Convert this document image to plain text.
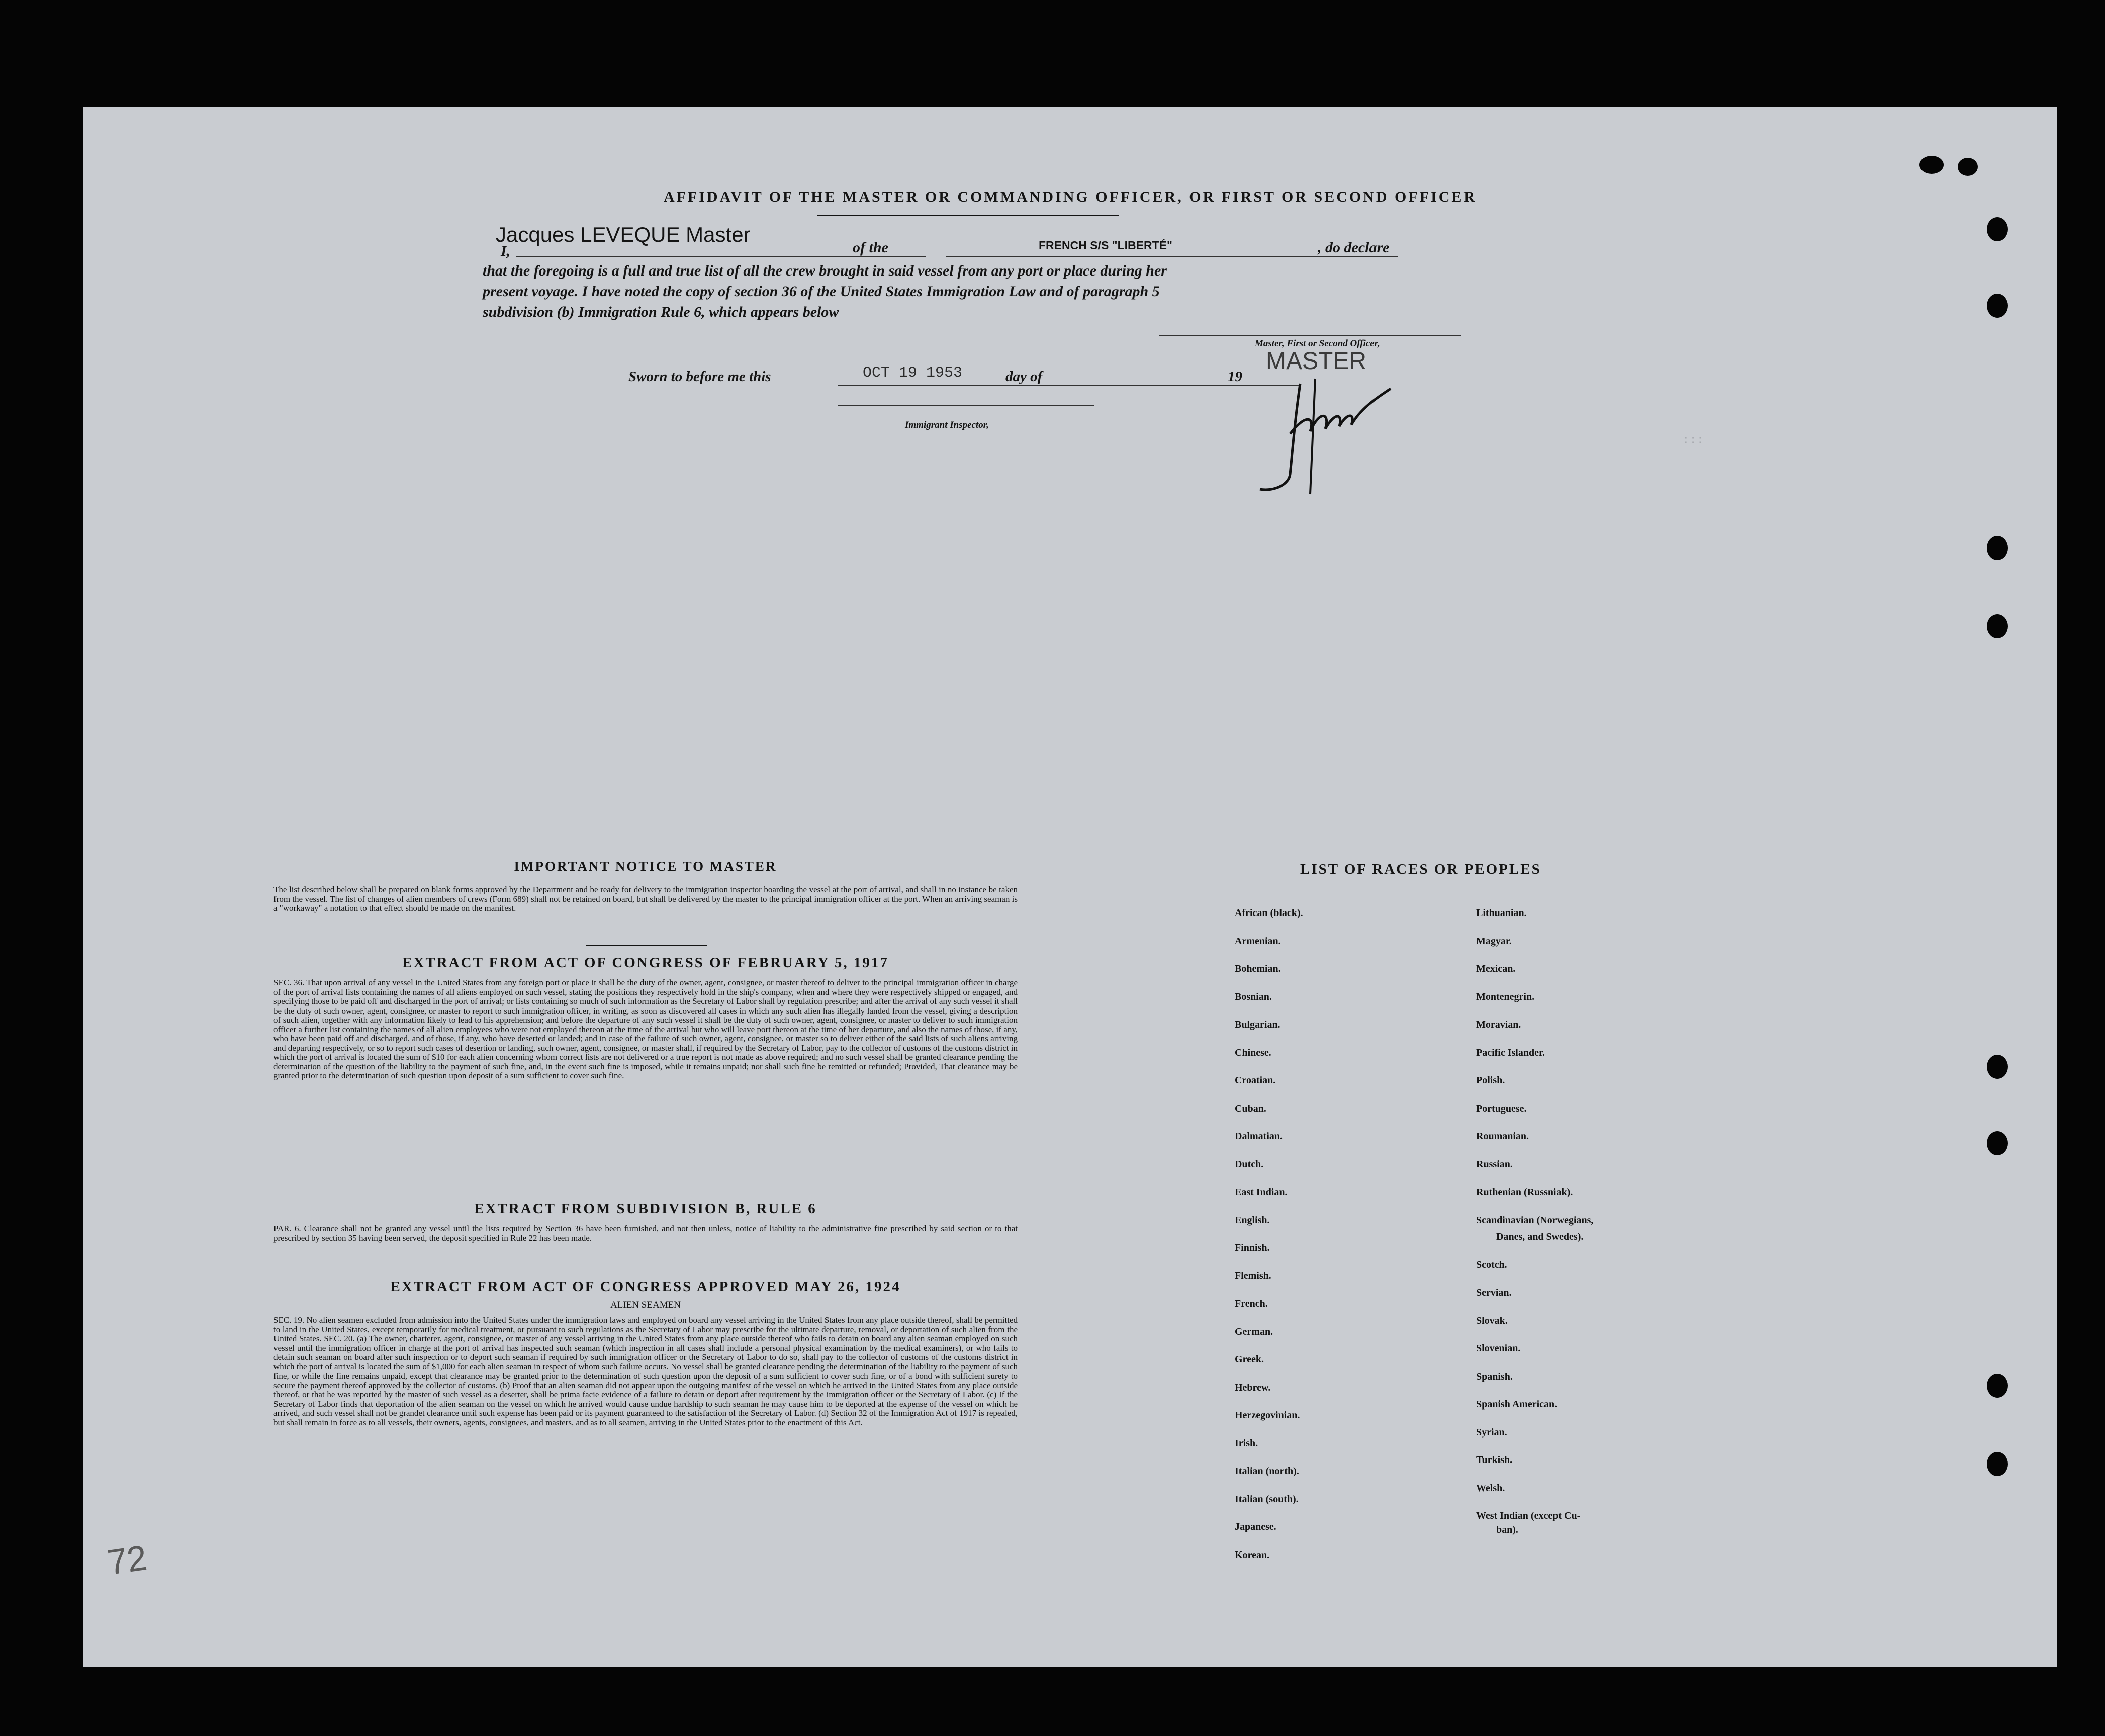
:::
AFFIDAVIT OF THE MASTER OR COMMANDING OFFICER, OR FIRST OR SECOND OFFICER
Jacques LEVEQUE Master
I,	of the	FRENCH S/S "LIBERTÉ"	, do declare
that the foregoing is a full and true list of all the crew brought in said vessel from any port or place during her
present voyage. I have noted the copy of section 36 of the United States Immigration Law and of paragraph 5
subdivision (b) Immigration Rule 6, which appears below
Master, First or Second Officer,
MASTER
Sworn to before me this	OCT 19 1953	day of	19
Immigrant Inspector,
IMPORTANT NOTICE TO MASTER
The list described below shall be prepared on blank forms approved by the Department and be ready for delivery to the immigration inspector boarding the vessel at the port of arrival, and shall in no instance be taken from the vessel. The list of changes of alien members of crews (Form 689) shall not be retained on board, but shall be delivered by the master to the principal immigration officer at the port. When an arriving seaman is a "workaway" a notation to that effect should be made on the manifest.
EXTRACT FROM ACT OF CONGRESS OF FEBRUARY 5, 1917
SEC. 36. That upon arrival of any vessel in the United States from any foreign port or place it shall be the duty of the owner, agent, consignee, or master thereof to deliver to the principal immigration officer in charge of the port of arrival lists containing the names of all aliens employed on such vessel, stating the positions they respectively hold in the ship's company, when and where they were respectively shipped or engaged, and specifying those to be paid off and discharged in the port of arrival; or lists containing so much of such information as the Secretary of Labor shall by regulation prescribe; and after the arrival of any such vessel it shall be the duty of such owner, agent, consignee, or master to report to such immigration officer, in writing, as soon as discovered all cases in which any such alien has illegally landed from the vessel, giving a description of such alien, together with any information likely to lead to his apprehension; and before the departure of any such vessel it shall be the duty of such owner, agent, consignee, or master to deliver to such immigration officer a further list containing the names of all alien employees who were not employed thereon at the time of the arrival but who will leave port thereon at the time of her departure, and also the names of those, if any, who have been paid off and discharged, and of those, if any, who have deserted or landed; and in case of the failure of such owner, agent, consignee, or master so to deliver either of the said lists of such aliens arriving and departing respectively, or so to report such cases of desertion or landing, such owner, agent, consignee, or master shall, if required by the Secretary of Labor, pay to the collector of customs of the customs district in which the port of arrival is located the sum of $10 for each alien concerning whom correct lists are not delivered or a true report is not made as above required; and no such vessel shall be granted clearance pending the determination of the question of the liability to the payment of such fine, and, in the event such fine is imposed, while it remains unpaid; nor shall such fine be remitted or refunded; Provided, That clearance may be granted prior to the determination of such question upon deposit of a sum sufficient to cover such fine.
EXTRACT FROM SUBDIVISION B, RULE 6
PAR. 6. Clearance shall not be granted any vessel until the lists required by Section 36 have been furnished, and not then unless, notice of liability to the administrative fine prescribed by said section or to that prescribed by section 35 having been served, the deposit specified in Rule 22 has been made.
EXTRACT FROM ACT OF CONGRESS APPROVED MAY 26, 1924
ALIEN SEAMEN
SEC. 19. No alien seamen excluded from admission into the United States under the immigration laws and employed on board any vessel arriving in the United States from any place outside thereof, shall be permitted to land in the United States, except temporarily for medical treatment, or pursuant to such regulations as the Secretary of Labor may prescribe for the ultimate departure, removal, or deportation of such alien from the United States. SEC. 20. (a) The owner, charterer, agent, consignee, or master of any vessel arriving in the United States from any place outside thereof who fails to detain on board any alien seaman employed on such vessel until the immigration officer in charge at the port of arrival has inspected such seaman (which inspection in all cases shall include a personal physical examination by the medical examiners), or who fails to detain such seaman on board after such inspection or to deport such seaman if required by such immigration officer or the Secretary of Labor to do so, shall pay to the collector of customs of the customs district in which the port of arrival is located the sum of $1,000 for each alien seaman in respect of whom such failure occurs. No vessel shall be granted clearance pending the determination of the liability to the payment of such fine, or while the fine remains unpaid, except that clearance may be granted prior to the determination of such question upon the deposit of a sum sufficient to cover such fine, or of a bond with sufficient surety to secure the payment thereof approved by the collector of customs. (b) Proof that an alien seaman did not appear upon the outgoing manifest of the vessel on which he arrived in the United States from any place outside thereof, or that he was reported by the master of such vessel as a deserter, shall be prima facie evidence of a failure to detain or deport after requirement by the immigration officer or the Secretary of Labor. (c) If the Secretary of Labor finds that deportation of the alien seaman on the vessel on which he arrived would cause undue hardship to such seaman he may cause him to be deported at the expense of the vessel on which he arrived, and such vessel shall not be grandet clearance until such expense has been paid or its payment guaranteed to the satisfaction of the Secretary of Labor. (d) Section 32 of the Immigration Act of 1917 is repealed, but shall remain in force as to all vessels, their owners, agents, consignees, and masters, and as to all seamen, arriving in the United States prior to the enactment of this Act.
LIST OF RACES OR PEOPLES
African (black).
Armenian.
Bohemian.
Bosnian.
Bulgarian.
Chinese.
Croatian.
Cuban.
Dalmatian.
Dutch.
East Indian.
English.
Finnish.
Flemish.
French.
German.
Greek.
Hebrew.
Herzegovinian.
Irish.
Italian (north).
Italian (south).
Japanese.
Korean.
Lithuanian.
Magyar.
Mexican.
Montenegrin.
Moravian.
Pacific Islander.
Polish.
Portuguese.
Roumanian.
Russian.
Ruthenian (Russniak).
Scandinavian (Norwegians,
Danes, and Swedes).
Scotch.
Servian.
Slovak.
Slovenian.
Spanish.
Spanish American.
Syrian.
Turkish.
Welsh.
West Indian (except Cu-
ban).
72
